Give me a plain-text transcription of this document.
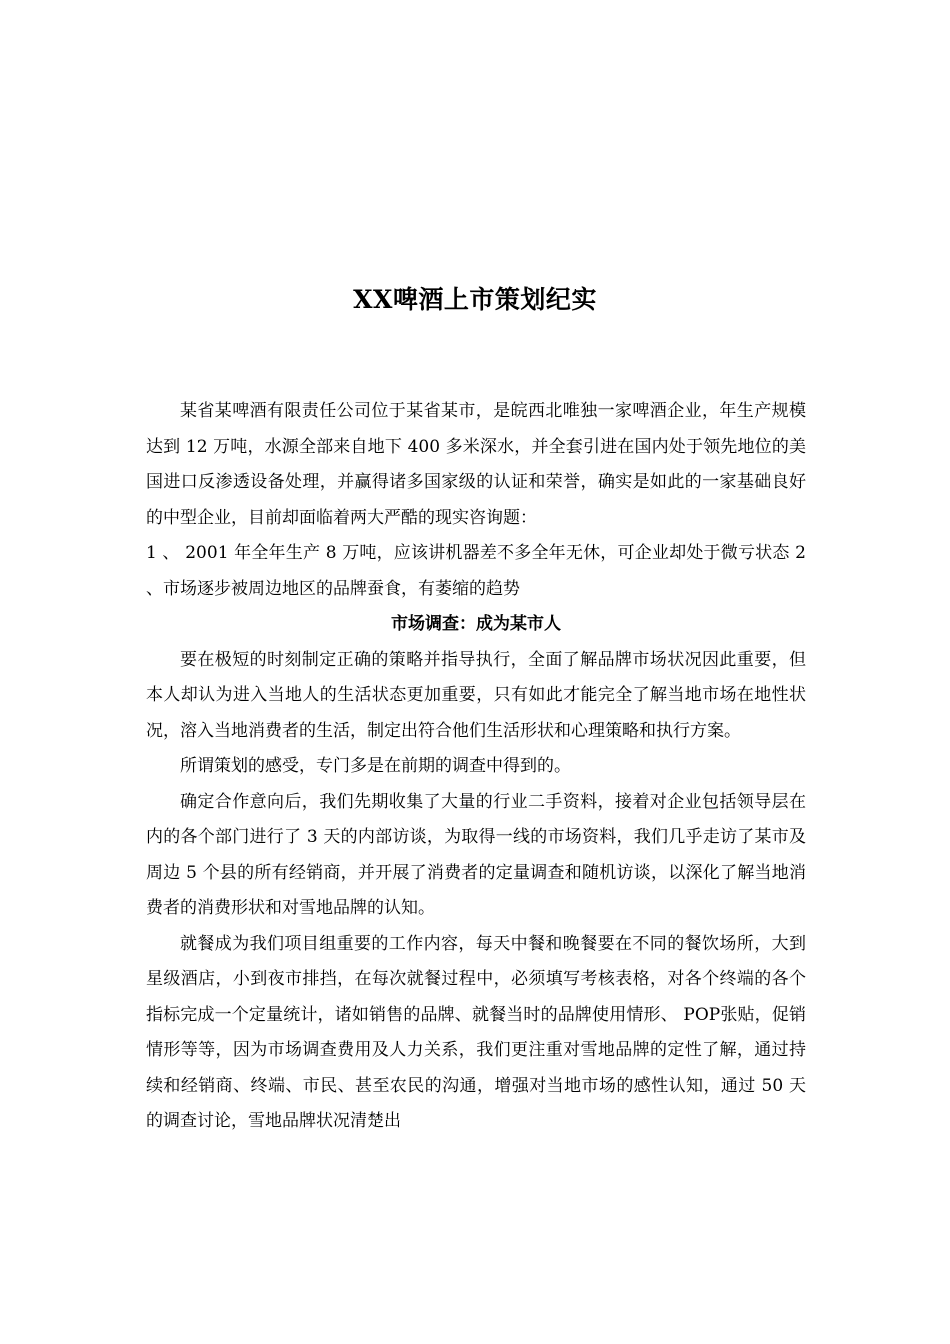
XX啤酒上市策划纪实

某省某啤酒有限责任公司位于某省某市，是皖西北唯独一家啤酒企业，年生产规模达到 12 万吨，水源全部来自地下 400 多米深水，并全套引进在国内处于领先地位的美国进口反渗透设备处理，并赢得诸多国家级的认证和荣誉，确实是如此的一家基础良好的中型企业，目前却面临着两大严酷的现实咨询题：

1 、 2001 年全年生产 8 万吨，应该讲机器差不多全年无休，可企业却处于微亏状态 2 、市场逐步被周边地区的品牌蚕食，有萎缩的趋势

市场调查：成为某市人

要在极短的时刻制定正确的策略并指导执行，全面了解品牌市场状况因此重要，但本人却认为进入当地人的生活状态更加重要，只有如此才能完全了解当地市场在地性状况，溶入当地消费者的生活，制定出符合他们生活形状和心理策略和执行方案。

所谓策划的感受，专门多是在前期的调查中得到的。

确定合作意向后，我们先期收集了大量的行业二手资料，接着对企业包括领导层在内的各个部门进行了 3 天的内部访谈，为取得一线的市场资料，我们几乎走访了某市及周边 5 个县的所有经销商，并开展了消费者的定量调查和随机访谈，以深化了解当地消费者的消费形状和对雪地品牌的认知。

就餐成为我们项目组重要的工作内容，每天中餐和晚餐要在不同的餐饮场所，大到星级酒店，小到夜市排挡，在每次就餐过程中，必须填写考核表格，对各个终端的各个指标完成一个定量统计，诸如销售的品牌、就餐当时的品牌使用情形、 POP张贴，促销情形等等，因为市场调查费用及人力关系，我们更注重对雪地品牌的定性了解，通过持续和经销商、终端、市民、甚至农民的沟通，增强对当地市场的感性认知，通过 50 天的调查讨论，雪地品牌状况清楚出
